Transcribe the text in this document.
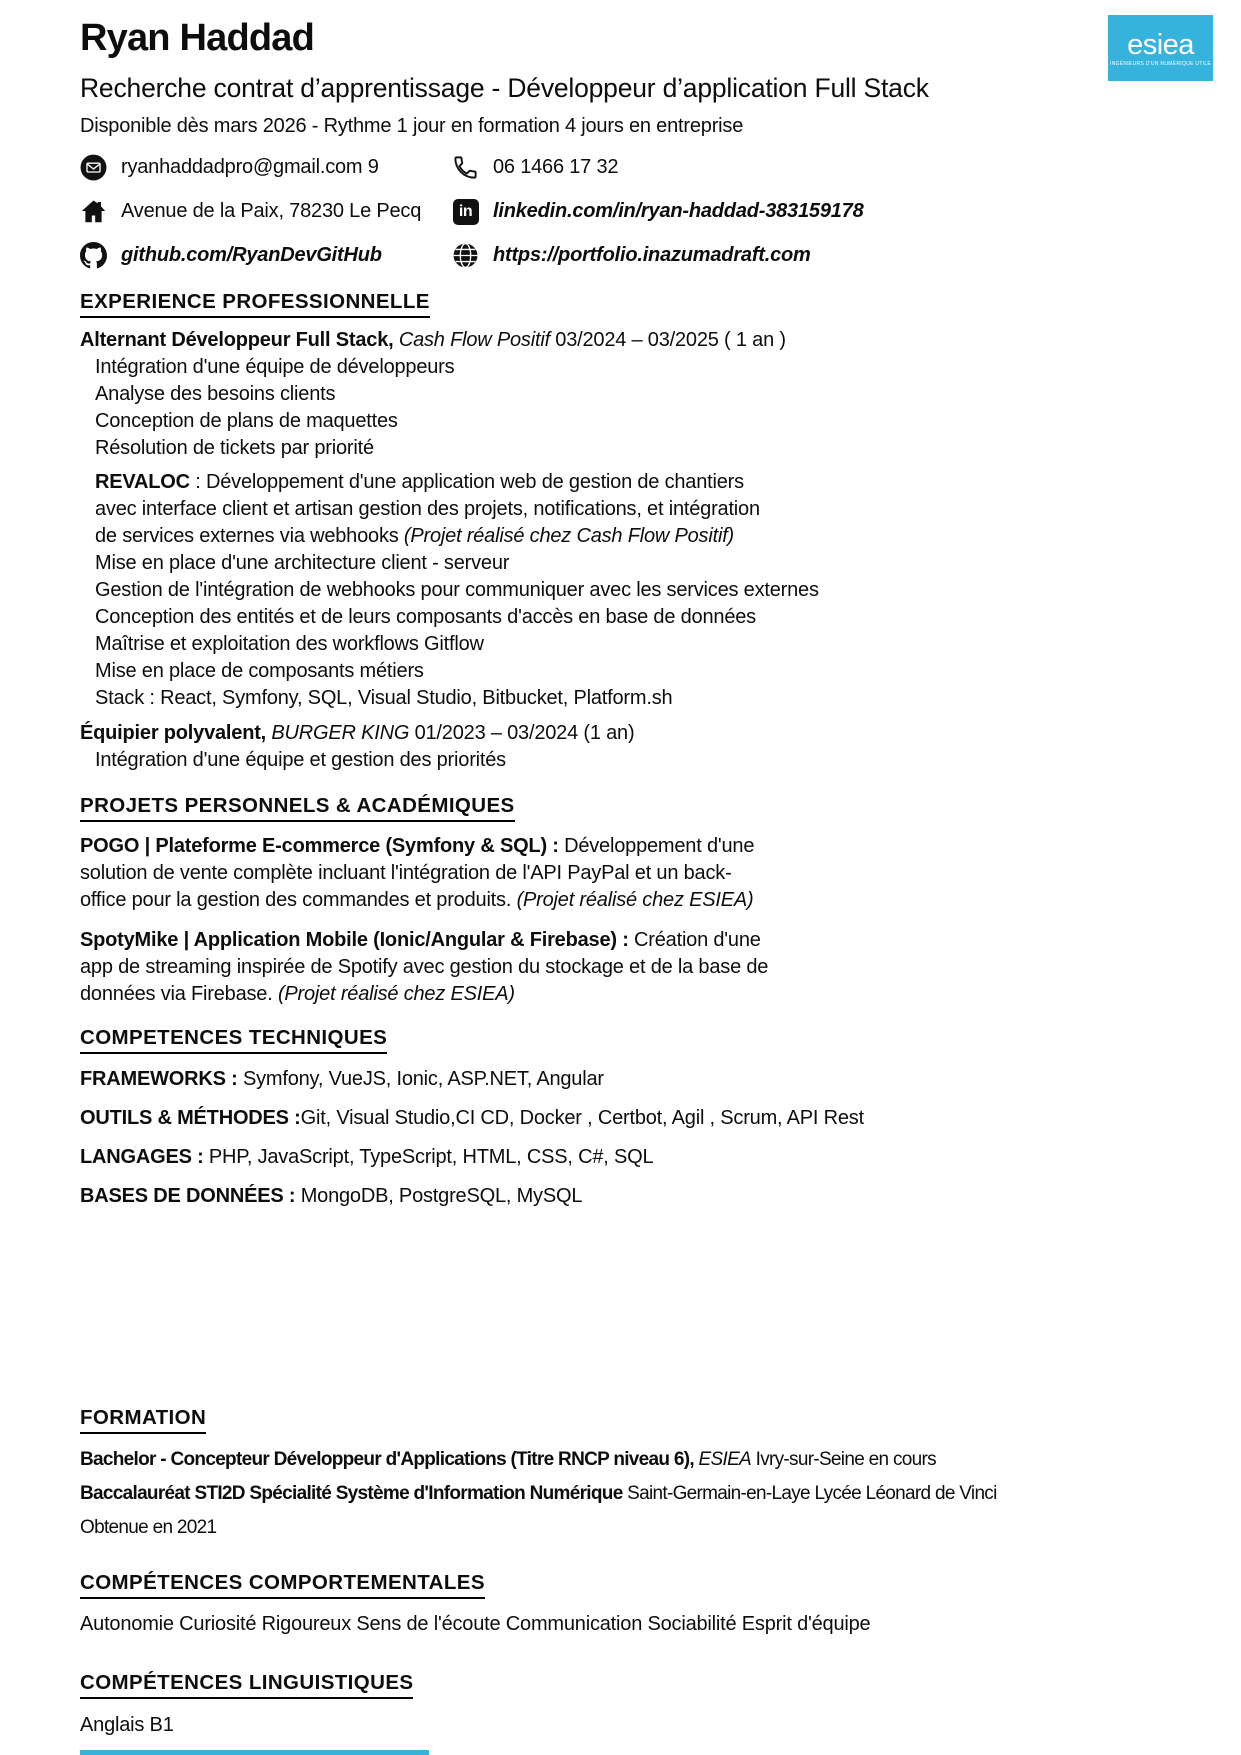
Ryan Haddad	esiea
INGÉNIEURS D'UN NUMÉRIQUE UTILE
Recherche contrat d’apprentissage - Développeur d’application Full Stack
Disponible dès mars 2026 - Rythme 1 jour en formation 4 jours en entreprise
ryanhaddadpro@gmail.com 9	06 1466 17 32
Avenue de la Paix, 78230 Le Pecq	in	linkedin.com/in/ryan-haddad-383159178
github.com/RyanDevGitHub	https://portfolio.inazumadraft.com
EXPERIENCE PROFESSIONNELLE
Alternant Développeur Full Stack, Cash Flow Positif 03/2024 – 03/2025 ( 1 an )
Intégration d'une équipe de développeurs
Analyse des besoins clients
Conception de plans de maquettes
Résolution de tickets par priorité
REVALOC : Développement d'une application web de gestion de chantiers
avec interface client et artisan gestion des projets, notifications, et intégration
de services externes via webhooks (Projet réalisé chez Cash Flow Positif)
Mise en place d'une architecture client - serveur
Gestion de l'intégration de webhooks pour communiquer avec les services externes
Conception des entités et de leurs composants d'accès en base de données
Maîtrise et exploitation des workflows Gitflow
Mise en place de composants métiers
Stack : React, Symfony, SQL, Visual Studio, Bitbucket, Platform.sh
Équipier polyvalent, BURGER KING 01/2023 – 03/2024 (1 an)
Intégration d'une équipe et gestion des priorités
PROJETS PERSONNELS & ACADÉMIQUES
POGO | Plateforme E-commerce (Symfony & SQL) : Développement d'une
solution de vente complète incluant l'intégration de l'API PayPal et un back-
office pour la gestion des commandes et produits. (Projet réalisé chez ESIEA)
SpotyMike | Application Mobile (Ionic/Angular & Firebase) : Création d'une
app de streaming inspirée de Spotify avec gestion du stockage et de la base de
données via Firebase. (Projet réalisé chez ESIEA)
COMPETENCES TECHNIQUES
FRAMEWORKS : Symfony, VueJS, Ionic, ASP.NET, Angular
OUTILS & MÉTHODES :Git, Visual Studio,CI CD, Docker , Certbot, Agil , Scrum, API Rest
LANGAGES : PHP, JavaScript, TypeScript, HTML, CSS, C#, SQL
BASES DE DONNÉES : MongoDB, PostgreSQL, MySQL
FORMATION
Bachelor - Concepteur Développeur d'Applications (Titre RNCP niveau 6), ESIEA Ivry-sur-Seine en cours
Baccalauréat STI2D Spécialité Système d'Information Numérique Saint-Germain-en-Laye Lycée Léonard de Vinci
Obtenue en 2021
COMPÉTENCES COMPORTEMENTALES
Autonomie Curiosité Rigoureux Sens de l'écoute Communication Sociabilité Esprit d'équipe
COMPÉTENCES LINGUISTIQUES
Anglais B1
